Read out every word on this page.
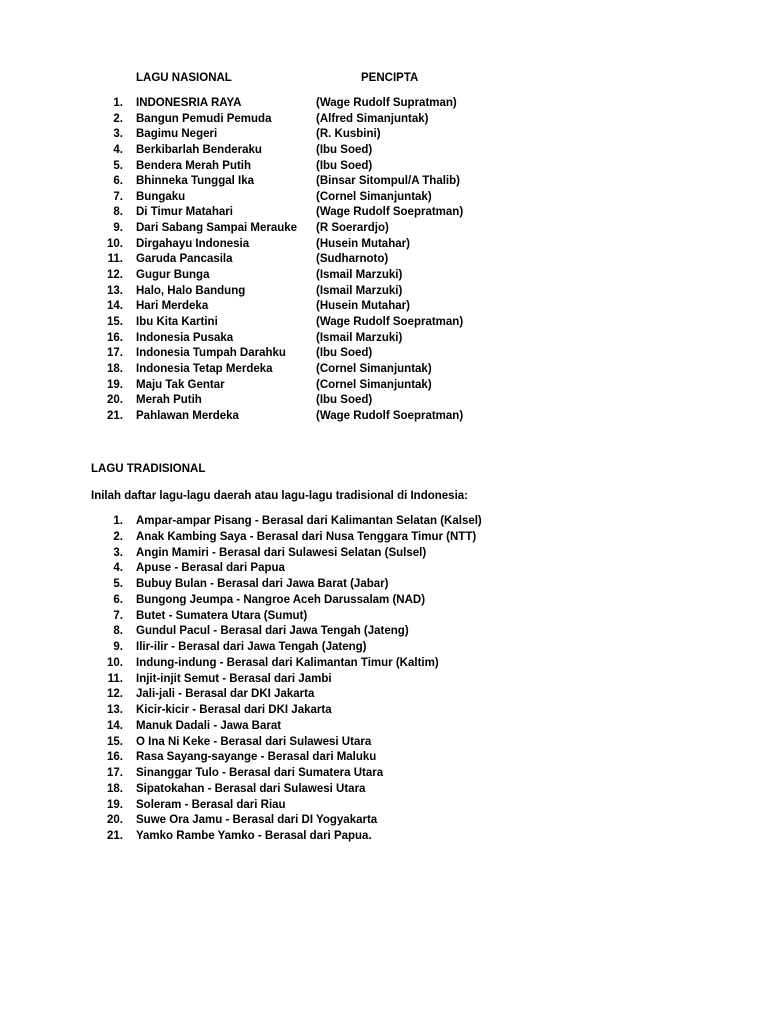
LAGU NASIONAL	PENCIPTA
1. INDONESRIA RAYA	(Wage Rudolf Supratman)
2. Bangun Pemudi Pemuda	(Alfred Simanjuntak)
3. Bagimu Negeri	(R. Kusbini)
4. Berkibarlah Benderaku	(Ibu Soed)
5. Bendera Merah Putih	(Ibu Soed)
6. Bhinneka Tunggal Ika	(Binsar Sitompul/A Thalib)
7. Bungaku	(Cornel Simanjuntak)
8. Di Timur Matahari	(Wage Rudolf Soepratman)
9. Dari Sabang Sampai Merauke (R Soerardjo)
10. Dirgahayu Indonesia	(Husein Mutahar)
11. Garuda Pancasila	(Sudharnoto)
12. Gugur Bunga	(Ismail Marzuki)
13. Halo, Halo Bandung	(Ismail Marzuki)
14. Hari Merdeka	(Husein Mutahar)
15. Ibu Kita Kartini	(Wage Rudolf Soepratman)
16. Indonesia Pusaka	(Ismail Marzuki)
17. Indonesia Tumpah Darahku	(Ibu Soed)
18. Indonesia Tetap Merdeka	(Cornel Simanjuntak)
19. Maju Tak Gentar	(Cornel Simanjuntak)
20. Merah Putih	(Ibu Soed)
21. Pahlawan Merdeka	(Wage Rudolf Soepratman)
LAGU TRADISIONAL
Inilah daftar lagu-lagu daerah atau lagu-lagu tradisional di Indonesia:
1. Ampar-ampar Pisang - Berasal dari Kalimantan Selatan (Kalsel)
2. Anak Kambing Saya - Berasal dari Nusa Tenggara Timur (NTT)
3. Angin Mamiri - Berasal dari Sulawesi Selatan (Sulsel)
4. Apuse - Berasal dari Papua
5. Bubuy Bulan - Berasal dari Jawa Barat (Jabar)
6. Bungong Jeumpa - Nangroe Aceh Darussalam (NAD)
7. Butet - Sumatera Utara (Sumut)
8. Gundul Pacul - Berasal dari Jawa Tengah (Jateng)
9. Ilir-ilir - Berasal dari Jawa Tengah (Jateng)
10. Indung-indung - Berasal dari Kalimantan Timur (Kaltim)
11. Injit-injit Semut - Berasal dari Jambi
12. Jali-jali - Berasal dar DKI Jakarta
13. Kicir-kicir - Berasal dari DKI Jakarta
14. Manuk Dadali - Jawa Barat
15. O Ina Ni Keke - Berasal dari Sulawesi Utara
16. Rasa Sayang-sayange - Berasal dari Maluku
17. Sinanggar Tulo - Berasal dari Sumatera Utara
18. Sipatokahan - Berasal dari Sulawesi Utara
19. Soleram - Berasal dari Riau
20. Suwe Ora Jamu - Berasal dari DI Yogyakarta
21. Yamko Rambe Yamko - Berasal dari Papua.
